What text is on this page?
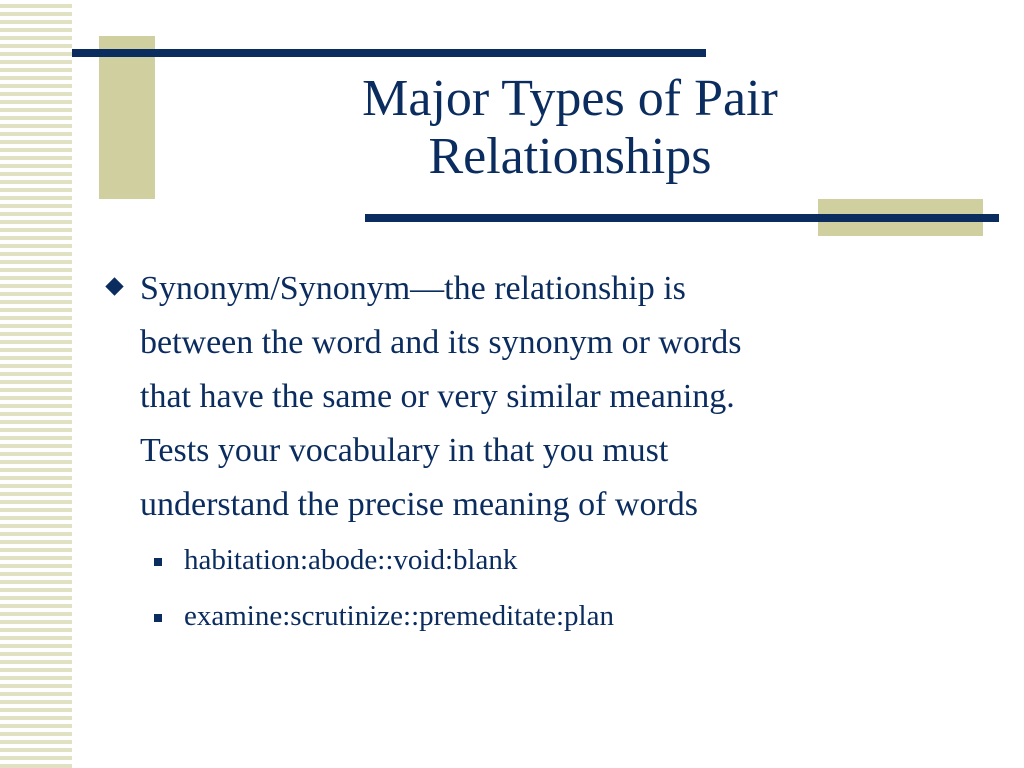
Major Types of Pair
Relationships
Synonym/Synonym—the relationship is
between the word and its synonym or words
that have the same or very similar meaning.
Tests your vocabulary in that you must
understand the precise meaning of words
habitation:abode::void:blank
examine:scrutinize::premeditate:plan
